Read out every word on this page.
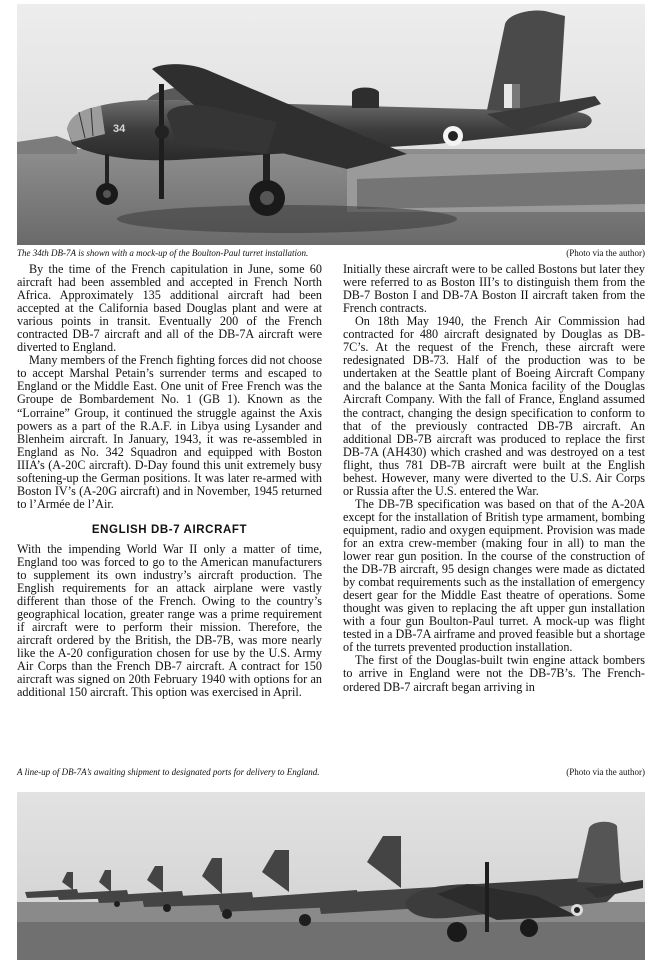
34
The 34th DB-7A is shown with a mock-up of the Boulton-Paul turret installation.	(Photo via the author)

By the time of the French capitulation in June, some 60 aircraft had been assembled and accepted in French North Africa. Approximately 135 additional aircraft had been accepted at the California based Douglas plant and were at various points in transit. Eventually 200 of the French contracted DB-7 aircraft and all of the DB-7A aircraft were diverted to England.

Many members of the French fighting forces did not choose to accept Marshal Petain’s surrender terms and escaped to England or the Middle East. One unit of Free French was the Groupe de Bombardement No. 1 (GB 1). Known as the “Lorraine” Group, it continued the struggle against the Axis powers as a part of the R.A.F. in Libya using Lysander and Blenheim aircraft. In January, 1943, it was re-assembled in England as No. 342 Squadron and equipped with Boston IIIA’s (A-20C aircraft). D-Day found this unit extremely busy softening-up the German positions. It was later re-armed with Boston IV’s (A-20G aircraft) and in November, 1945 returned to l’Armée de l’Air.

ENGLISH DB-7 AIRCRAFT

With the impending World War II only a matter of time, England too was forced to go to the American manufacturers to supplement its own industry’s aircraft production. The English requirements for an attack airplane were vastly different than those of the French. Owing to the country’s geographical location, greater range was a prime requirement if aircraft were to perform their mission. Therefore, the aircraft ordered by the British, the DB-7B, was more nearly like the A-20 configuration chosen for use by the U.S. Army Air Corps than the French DB-7 aircraft. A contract for 150 aircraft was signed on 20th February 1940 with options for an additional 150 aircraft. This option was exercised in April.

Initially these aircraft were to be called Bostons but later they were referred to as Boston III’s to distinguish them from the DB-7 Boston I and DB-7A Boston II aircraft taken from the French contracts.

On 18th May 1940, the French Air Commission had contracted for 480 aircraft designated by Douglas as DB-7C’s. At the request of the French, these aircraft were redesignated DB-73. Half of the production was to be undertaken at the Seattle plant of Boeing Aircraft Company and the balance at the Santa Monica facility of the Douglas Aircraft Company. With the fall of France, England assumed the contract, changing the design specification to conform to that of the previously contracted DB-7B aircraft. An additional DB-7B aircraft was produced to replace the first DB-7A (AH430) which crashed and was destroyed on a test flight, thus 781 DB-7B aircraft were built at the English behest. However, many were diverted to the U.S. Air Corps or Russia after the U.S. entered the War.

The DB-7B specification was based on that of the A-20A except for the installation of British type armament, bombing equipment, radio and oxygen equipment. Provision was made for an extra crew-member (making four in all) to man the lower rear gun position. In the course of the construction of the DB-7B aircraft, 95 design changes were made as dictated by combat requirements such as the installation of emergency desert gear for the Middle East theatre of operations. Some thought was given to replacing the aft upper gun installation with a four gun Boulton-Paul turret. A mock-up was flight tested in a DB-7A airframe and proved feasible but a shortage of the turrets prevented production installation.

The first of the Douglas-built twin engine attack bombers to arrive in England were not the DB-7B’s. The French-ordered DB-7 aircraft began arriving in

A line-up of DB-7A’s awaiting shipment to designated ports for delivery to England.	(Photo via the author)
